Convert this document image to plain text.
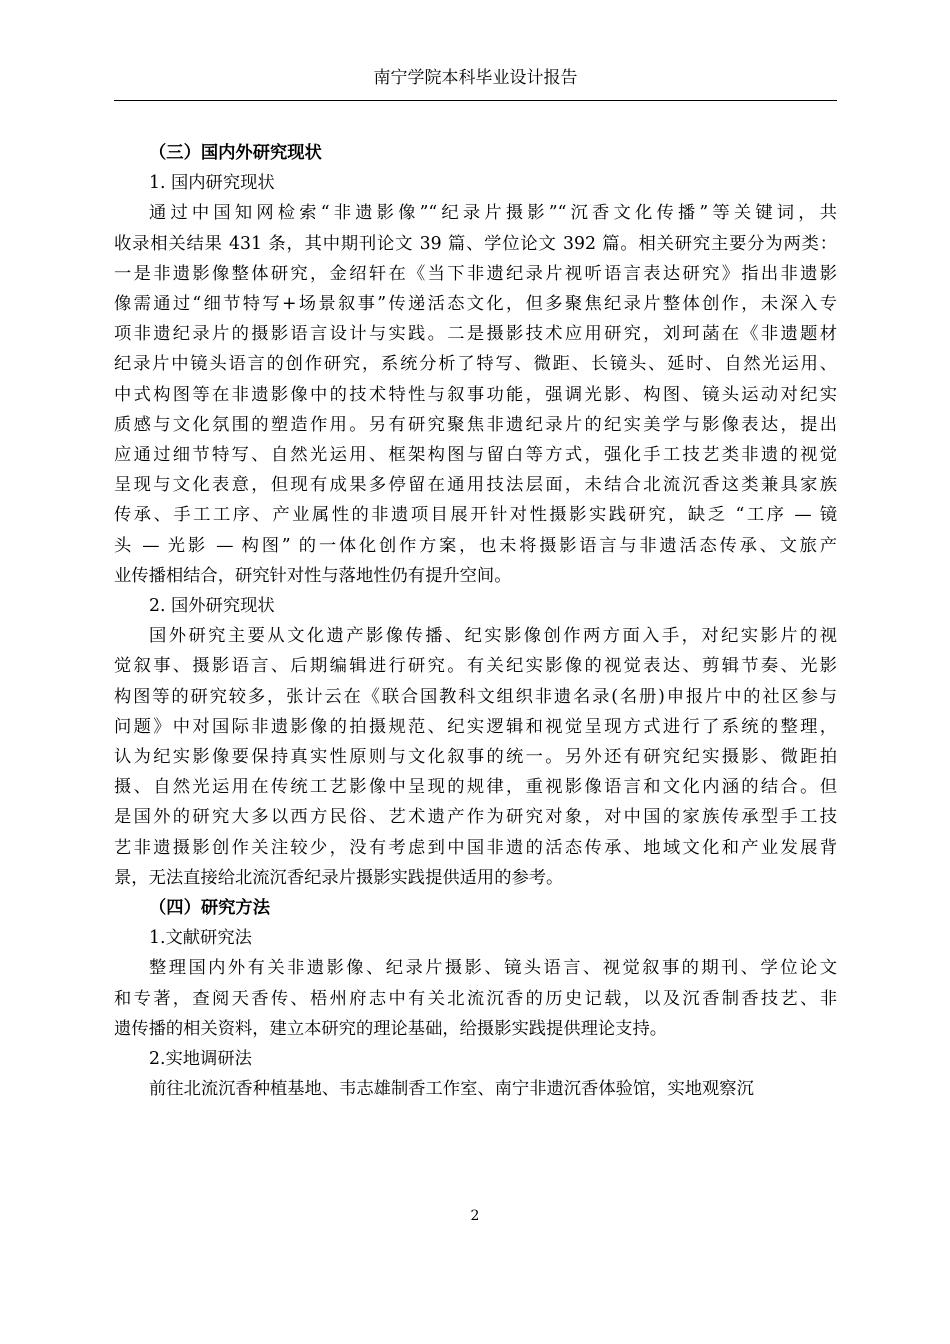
南宁学院本科毕业设计报告

（三）国内外研究现状

1. 国内研究现状

通过中国知网检索“非遗影像”“纪录片摄影”“沉香文化传播”等关键词，共
收录相关结果 431 条，其中期刊论文 39 篇、学位论文 392 篇。相关研究主要分为两类：
一是非遗影像整体研究，金绍轩在《当下非遗纪录片视听语言表达研究》指出非遗影
像需通过“细节特写+场景叙事”传递活态文化，但多聚焦纪录片整体创作，未深入专
项非遗纪录片的摄影语言设计与实践。二是摄影技术应用研究，刘珂菡在《非遗题材
纪录片中镜头语言的创作研究，系统分析了特写、微距、长镜头、延时、自然光运用、
中式构图等在非遗影像中的技术特性与叙事功能，强调光影、构图、镜头运动对纪实
质感与文化氛围的塑造作用。另有研究聚焦非遗纪录片的纪实美学与影像表达，提出
应通过细节特写、自然光运用、框架构图与留白等方式，强化手工技艺类非遗的视觉
呈现与文化表意，但现有成果多停留在通用技法层面，未结合北流沉香这类兼具家族
传承、手工工序、产业属性的非遗项目展开针对性摄影实践研究，缺乏 “工序 — 镜
头 — 光影 — 构图” 的一体化创作方案，也未将摄影语言与非遗活态传承、文旅产
业传播相结合，研究针对性与落地性仍有提升空间。

2. 国外研究现状

国外研究主要从文化遗产影像传播、纪实影像创作两方面入手，对纪实影片的视
觉叙事、摄影语言、后期编辑进行研究。有关纪实影像的视觉表达、剪辑节奏、光影
构图等的研究较多，张计云在《联合国教科文组织非遗名录(名册)申报片中的社区参与
问题》中对国际非遗影像的拍摄规范、纪实逻辑和视觉呈现方式进行了系统的整理，
认为纪实影像要保持真实性原则与文化叙事的统一。另外还有研究纪实摄影、微距拍
摄、自然光运用在传统工艺影像中呈现的规律，重视影像语言和文化内涵的结合。但
是国外的研究大多以西方民俗、艺术遗产作为研究对象，对中国的家族传承型手工技
艺非遗摄影创作关注较少，没有考虑到中国非遗的活态传承、地域文化和产业发展背
景，无法直接给北流沉香纪录片摄影实践提供适用的参考。

（四）研究方法

1.文献研究法

整理国内外有关非遗影像、纪录片摄影、镜头语言、视觉叙事的期刊、学位论文
和专著，查阅天香传、梧州府志中有关北流沉香的历史记载，以及沉香制香技艺、非
遗传播的相关资料，建立本研究的理论基础，给摄影实践提供理论支持。

2.实地调研法

前往北流沉香种植基地、韦志雄制香工作室、南宁非遗沉香体验馆，实地观察沉

2
